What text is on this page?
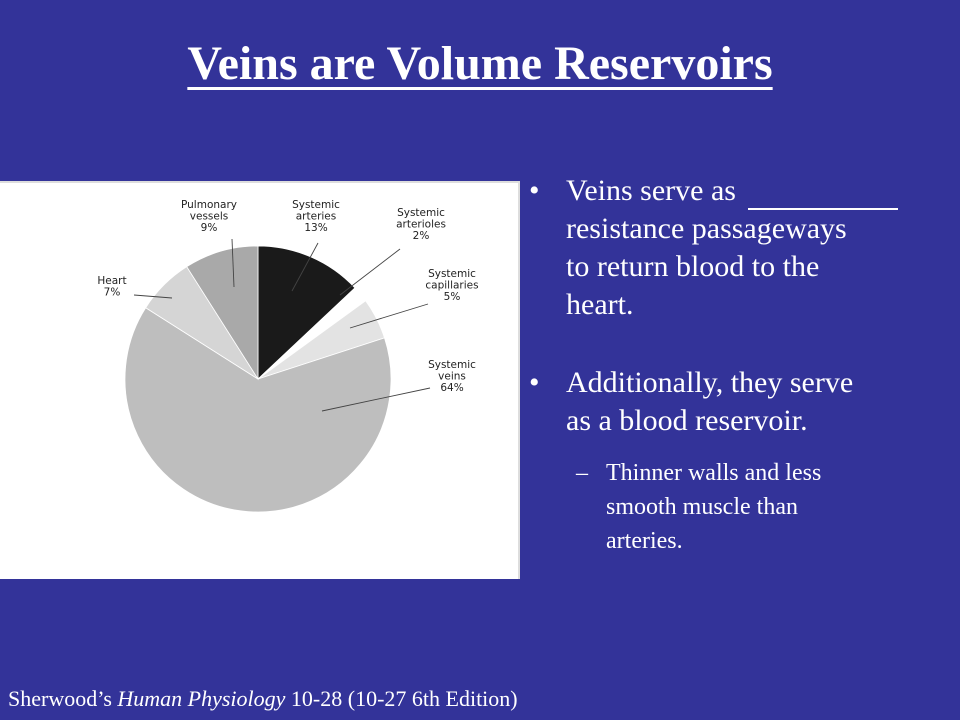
Veins are Volume Reservoirs
Systemic arteries 13%
Systemic arterioles 2%
Systemic capillaries 5%
Systemic veins 64%
Heart 7%
Pulmonary vessels 9%
• Veins serve as
resistance passageways
to return blood to the
heart.
• Additionally, they serve
as a blood reservoir.
– Thinner walls and less
smooth muscle than
arteries.
Sherwood’s Human Physiology 10-28 (10-27 6th Edition)
